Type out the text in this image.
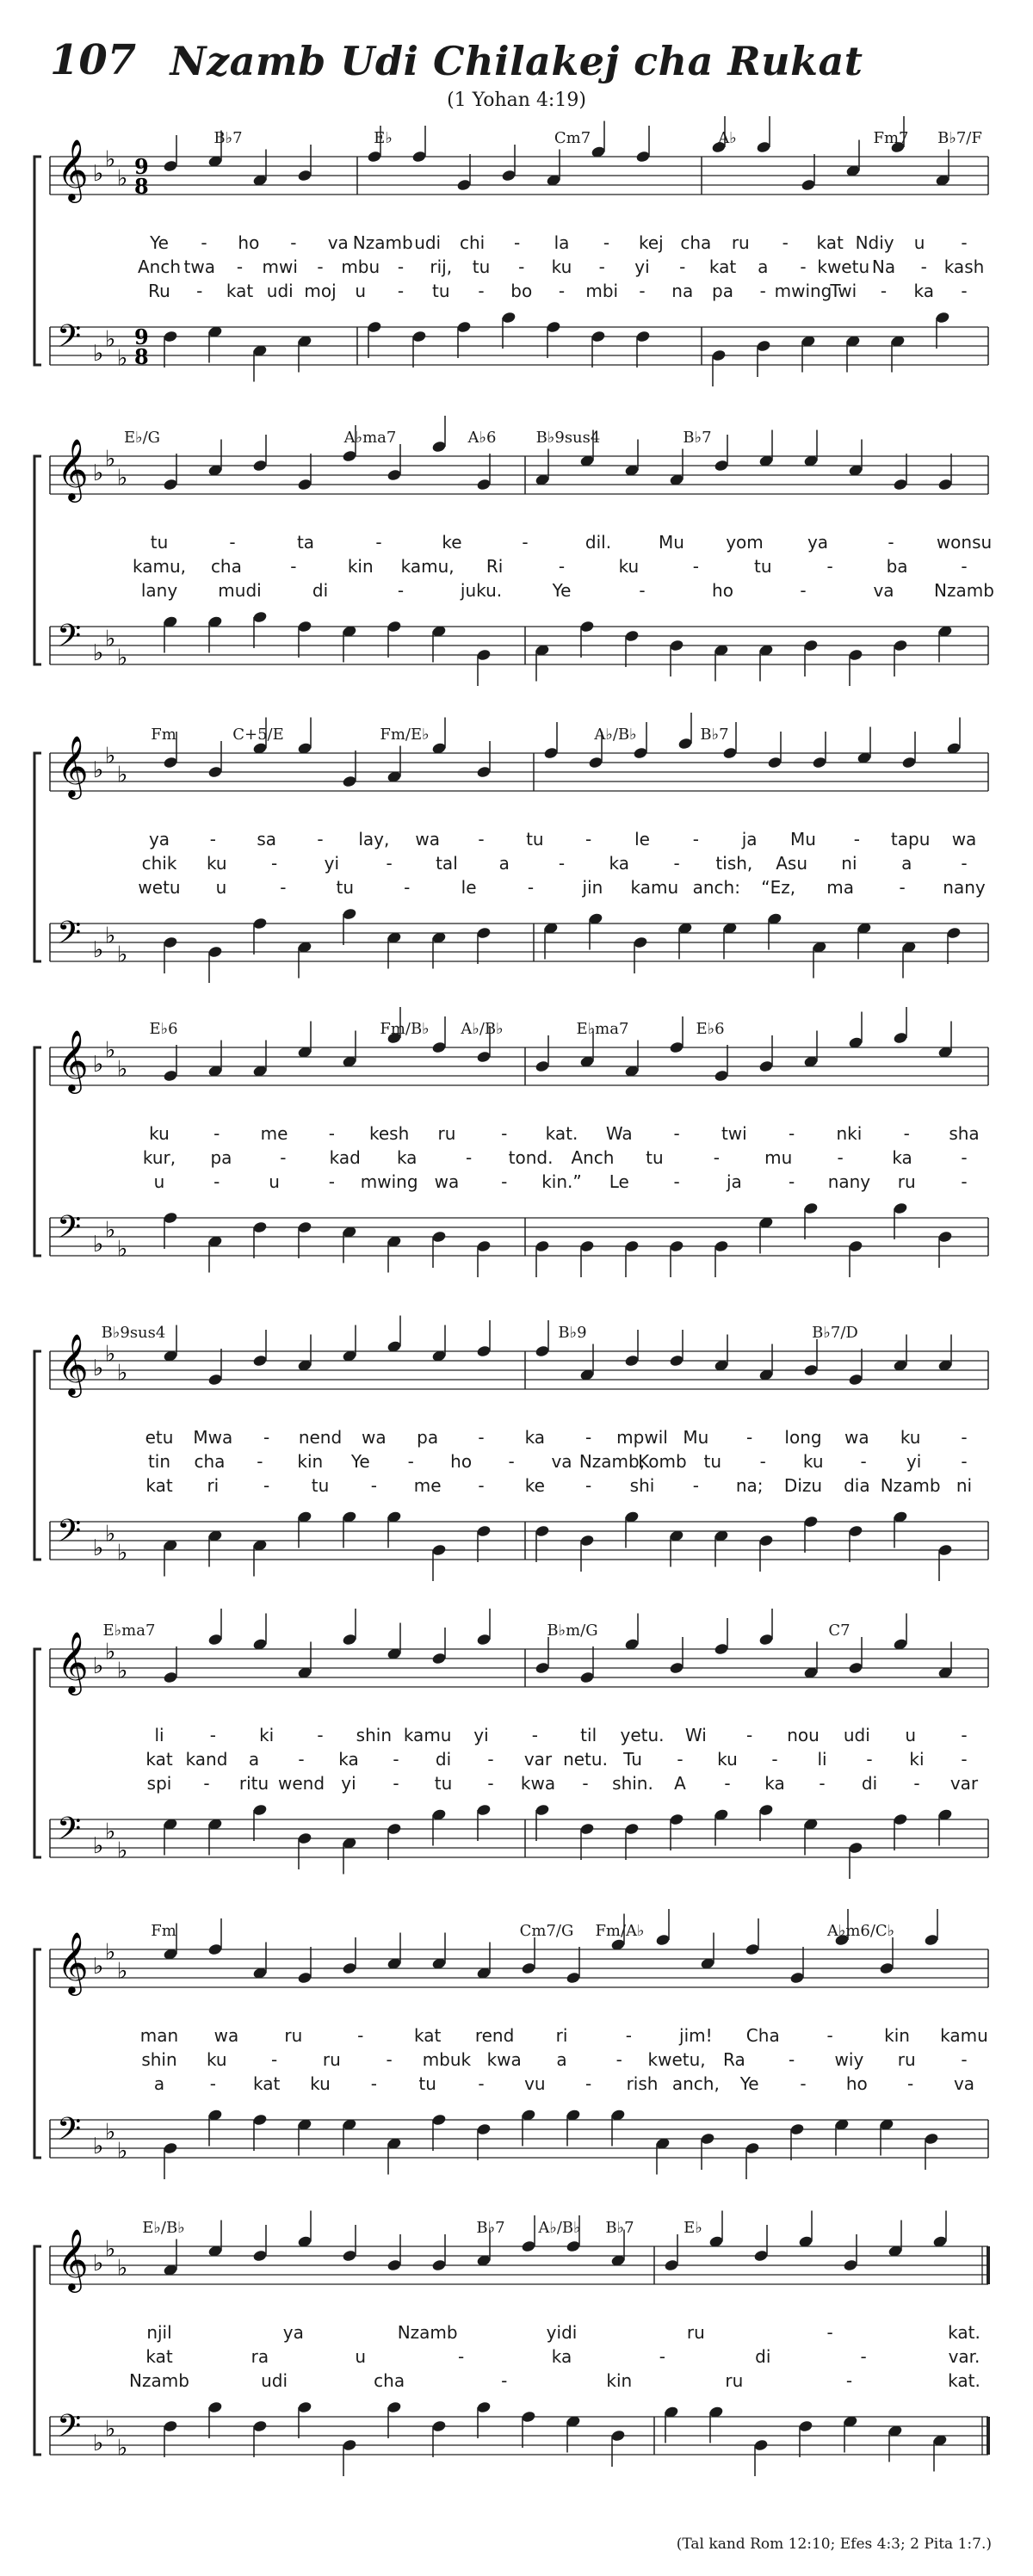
107 Nzamb Udi Chilakej cha Rukat
(1 Yohan 4:19)
𝄞 ♭
♭
♭ 9
8
𝄢 ♭
♭
♭
9
8
B♭7	E♭	Cm7	A♭	Fm7 B♭7/F
Ye - ho - va Nzamb udi chi - la - kej cha ru - kat Ndiy u -
Anch twa - mwi - mbu - rij, tu - ku - yi - kat a - kwetu Na - kash
Ru - kat udi moj u - tu - bo - mbi - na pa - mwing
Twi - ka -
𝄞 ♭
♭
♭
𝄢 ♭
♭
♭
E♭/G	A♭ma7	A♭6	B♭9sus4	B♭7
tu	-	ta	-	ke	-	dil.	Mu yom	ya	- wonsu
kamu, cha	-	kin kamu, Ri	-	ku	-	tu	-	ba	-
lany mudi	di	-	juku.	Ye	-	ho	-	va Nzamb
𝄞 ♭
♭
♭
𝄢 ♭
♭
♭
Fm	C+5/E	Fm/E♭	A♭/B♭	B♭7
ya - sa - lay, wa - tu - le - ja Mu - tapu wa
chik ku	-	yi	-	tal a	-	ka	- tish, Asu ni	a	-
wetu u	-	tu	-	le	-	jin kamu anch: “Ez, ma	- nany
𝄞 ♭
♭
♭
𝄢 ♭
♭
♭
E♭6	Fm/B♭ A♭/B♭	E♭ma7	E♭6
ku	- me - kesh ru	- kat. Wa - twi - nki - sha
kur, pa	-	kad ka	- tond. Anch tu	-	mu	-	ka	-
u	-	u	- mwing wa - kin.” Le	-	ja	- nany ru	-
𝄞 ♭
♭
♭
𝄢 ♭
♭
♭
B♭9sus4	B♭9	B♭7/D
etu Mwa - nend wa pa - ka - mpwil Mu - long wa ku -
tin cha - kin Ye - ho - va Nzamb,
Komb tu - ku - yi -
kat ri	- tu - me - ke - shi - na; Dizu dia Nzamb ni
𝄞 ♭
♭
♭
𝄢 ♭
♭
♭
E♭ma7	B♭m/G	C7
li	-	ki	- shin kamu yi	- til yetu. Wi - nou udi u	-
kat kand a - ka - di - var netu. Tu - ku - li - ki -
spi - ritu wend yi - tu - kwa - shin. A - ka - di - var
𝄞 ♭
♭
♭
𝄢 ♭
♭
♭
Fm	Cm7/G Fm/A♭	A♭m6/C♭
man wa	ru	-	kat rend ri	-	jim! Cha	-	kin kamu
shin ku	-	ru	- mbuk kwa a	- kwetu, Ra	- wiy ru	-
a	- kat ku - tu - vu - rish anch, Ye - ho - va
𝄞 ♭
♭
♭
𝄢 ♭
♭
♭
E♭/B♭	B♭7 A♭/B♭ B♭7	E♭
njil	ya	Nzamb	yidi	ru	-	kat.
kat	ra	u	-	ka	-	di	-	var.
Nzamb	udi	cha	-	kin	ru	-	kat.
(Tal kand Rom 12:10; Efes 4:3; 2 Pita 1:7.)
